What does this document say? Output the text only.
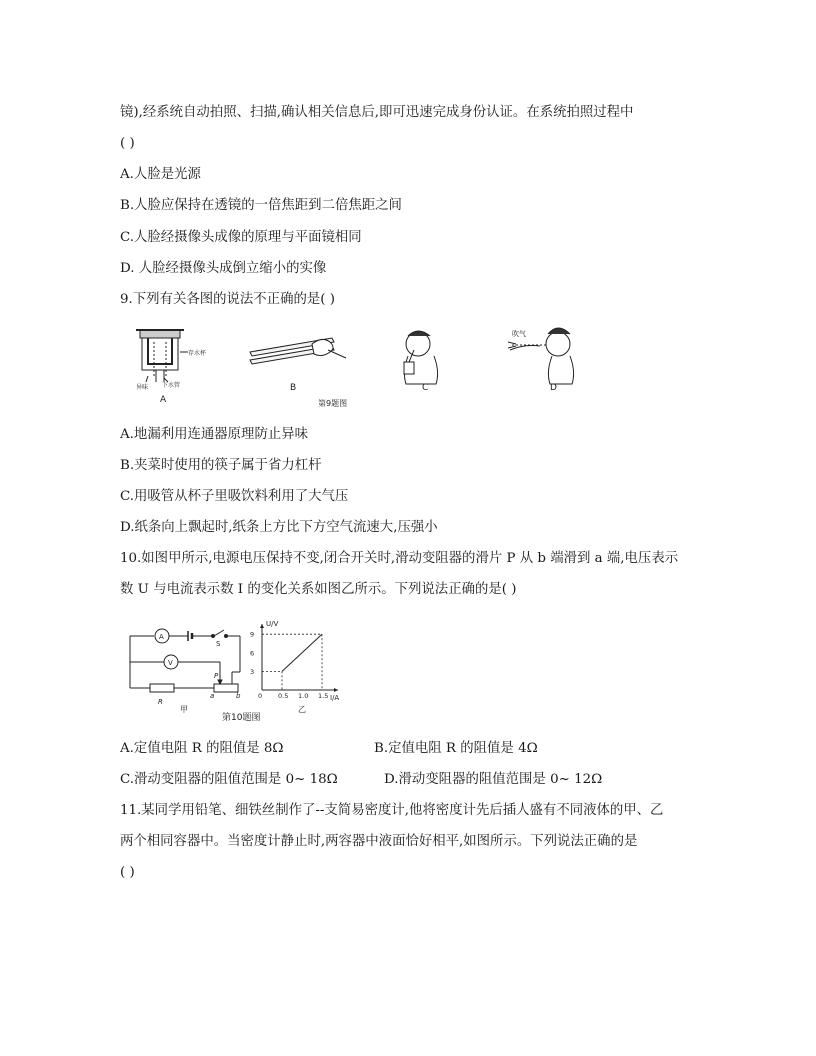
镜),经系统自动拍照、扫描,确认相关信息后,即可迅速完成身份认证。在系统拍照过程中
( )
A.人脸是光源
B.人脸应保持在透镜的一倍焦距到二倍焦距之间
C.人脸经摄像头成像的原理与平面镜相同
D. 人脸经摄像头成倒立缩小的实像
9.下列有关各图的说法不正确的是( )
存水杯
异味 下水管
A
B	C
吹气
D
第9题图
A.地漏利用连通器原理防止异味
B.夹菜时使用的筷子属于省力杠杆
C.用吸管从杯子里吸饮料利用了大气压
D.纸条向上飘起时,纸条上方比下方空气流速大,压强小
10.如图甲所示,电源电压保持不变,闭合开关时,滑动变阻器的滑片 P 从 b 端滑到 a 端,电压表示
数 U 与电流表示数 I 的变化关系如图乙所示。下列说法正确的是( )
A
V
S
R
P
a	b
甲
U/V
I/A
3
6
9
0 0.5 1.0 1.5
乙
第10题图
A.定值电阻 R 的阻值是 8Ω	B.定值电阻 R 的阻值是 4Ω
C.滑动变阻器的阻值范围是 0~ 18Ω	D.滑动变阻器的阻值范围是 0~ 12Ω
11.某同学用铅笔、细铁丝制作了--支简易密度计,他将密度计先后插人盛有不同液体的甲、乙
两个相同容器中。当密度计静止时,两容器中液面恰好相平,如图所示。下列说法正确的是
( )
